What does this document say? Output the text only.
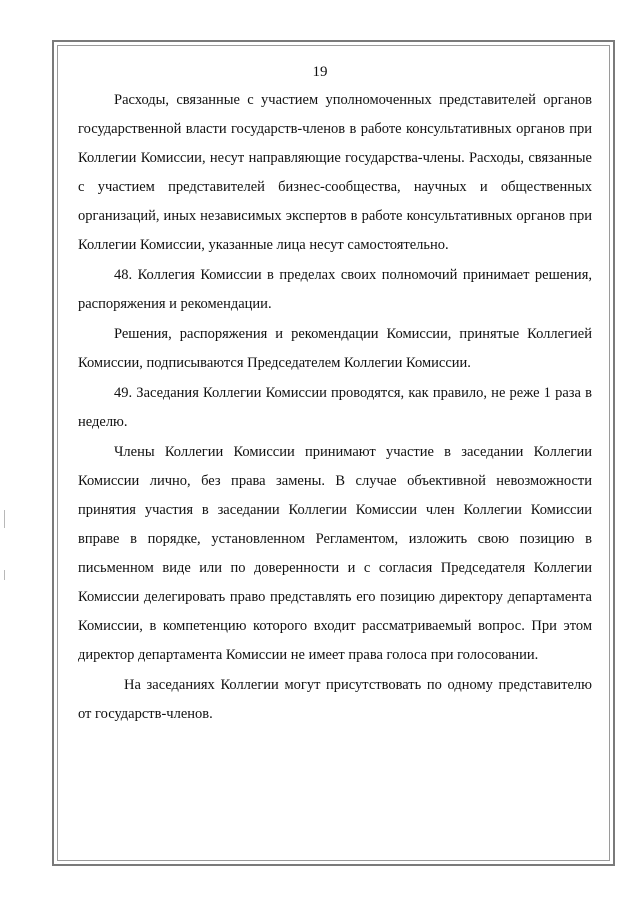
19

Расходы, связанные с участием уполномоченных представителей органов государственной власти государств-членов в работе консультативных органов при Коллегии Комиссии, несут направляющие государства-члены. Расходы, связанные с участием представителей бизнес-сообщества, научных и общественных организаций, иных независимых экспертов в работе консультативных органов при Коллегии Комиссии, указанные лица несут самостоятельно.

48. Коллегия Комиссии в пределах своих полномочий принимает решения, распоряжения и рекомендации.

Решения, распоряжения и рекомендации Комиссии, принятые Коллегией Комиссии, подписываются Председателем Коллегии Комиссии.

49. Заседания Коллегии Комиссии проводятся, как правило, не реже 1 раза в неделю.

Члены Коллегии Комиссии принимают участие в заседании Коллегии Комиссии лично, без права замены. В случае объективной невозможности принятия участия в заседании Коллегии Комиссии член Коллегии Комиссии вправе в порядке, установленном Регламентом, изложить свою позицию в письменном виде или по доверенности и с согласия Председателя Коллегии Комиссии делегировать право представлять его позицию директору департамента Комиссии, в компетенцию которого входит рассматриваемый вопрос. При этом директор департамента Комиссии не имеет права голоса при голосовании.

На заседаниях Коллегии могут присутствовать по одному представителю от государств-членов.
